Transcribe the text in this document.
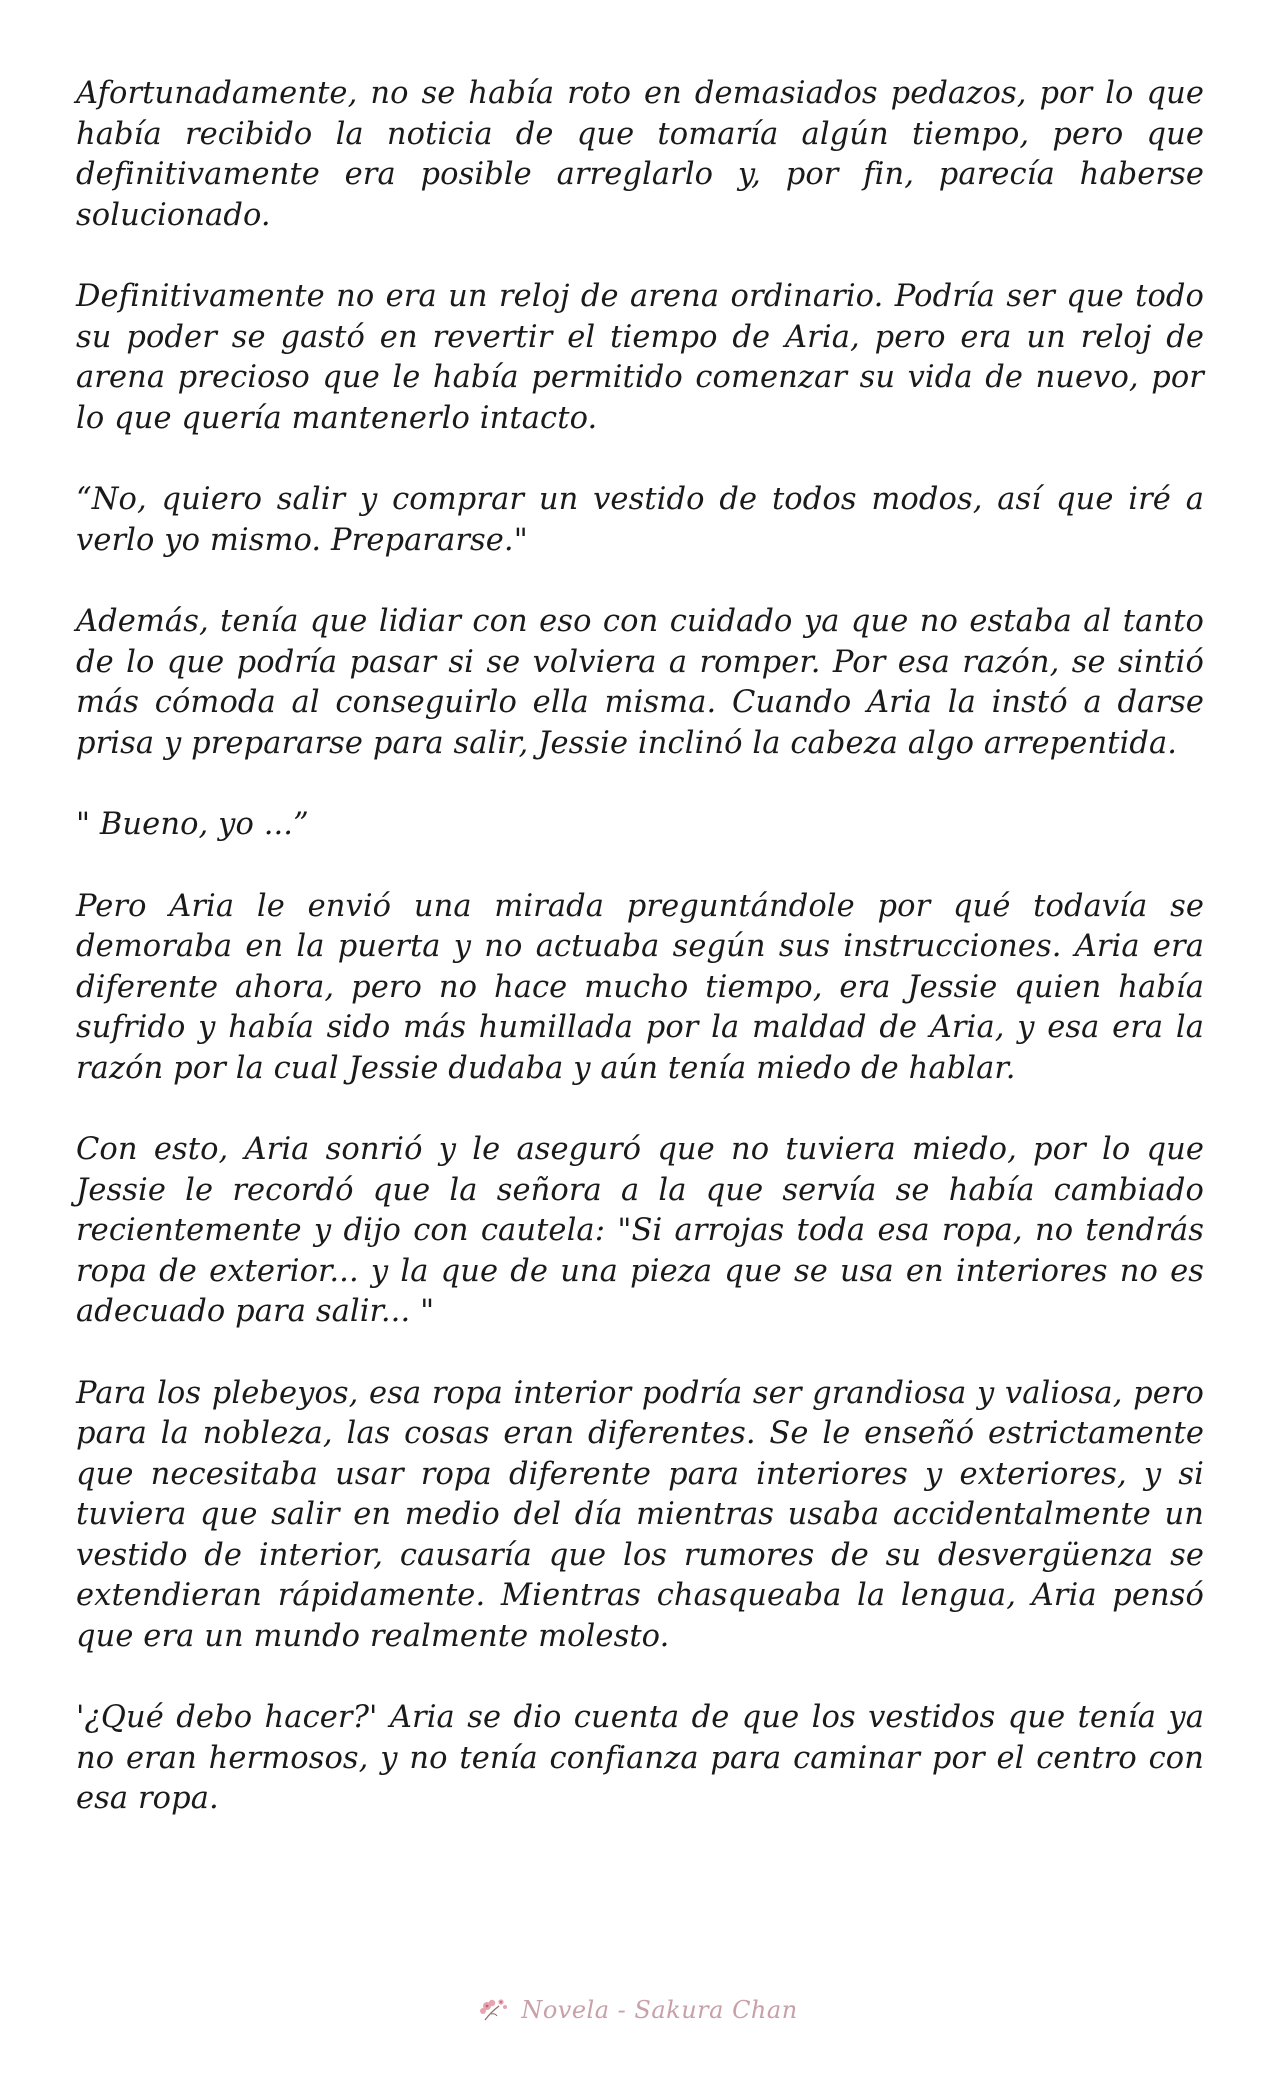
Afortunadamente, no se había roto en demasiados pedazos, por lo que había recibido la noticia de que tomaría algún tiempo, pero que definitivamente era posible arreglarlo y, por fin, parecía haberse solucionado.

Definitivamente no era un reloj de arena ordinario. Podría ser que todo su poder se gastó en revertir el tiempo de Aria, pero era un reloj de arena precioso que le había permitido comenzar su vida de nuevo, por lo que quería mantenerlo intacto.

“No, quiero salir y comprar un vestido de todos modos, así que iré a verlo yo mismo. Prepararse."

Además, tenía que lidiar con eso con cuidado ya que no estaba al tanto de lo que podría pasar si se volviera a romper. Por esa razón, se sintió más cómoda al conseguirlo ella misma. Cuando Aria la instó a darse prisa y prepararse para salir, Jessie inclinó la cabeza algo arrepentida.

" Bueno, yo ...”

Pero Aria le envió una mirada preguntándole por qué todavía se demoraba en la puerta y no actuaba según sus instrucciones. Aria era diferente ahora, pero no hace mucho tiempo, era Jessie quien había sufrido y había sido más humillada por la maldad de Aria, y esa era la razón por la cual Jessie dudaba y aún tenía miedo de hablar.

Con esto, Aria sonrió y le aseguró que no tuviera miedo, por lo que Jessie le recordó que la señora a la que servía se había cambiado recientemente y dijo con cautela: "Si arrojas toda esa ropa, no tendrás ropa de exterior... y la que de una pieza que se usa en interiores no es adecuado para salir... "

Para los plebeyos, esa ropa interior podría ser grandiosa y valiosa, pero para la nobleza, las cosas eran diferentes. Se le enseñó estrictamente que necesitaba usar ropa diferente para interiores y exteriores, y si tuviera que salir en medio del día mientras usaba accidentalmente un vestido de interior, causaría que los rumores de su desvergüenza se extendieran rápidamente. Mientras chasqueaba la lengua, Aria pensó que era un mundo realmente molesto.

'¿Qué debo hacer?' Aria se dio cuenta de que los vestidos que tenía ya no eran hermosos, y no tenía confianza para caminar por el centro con esa ropa.

Novela - Sakura Chan
